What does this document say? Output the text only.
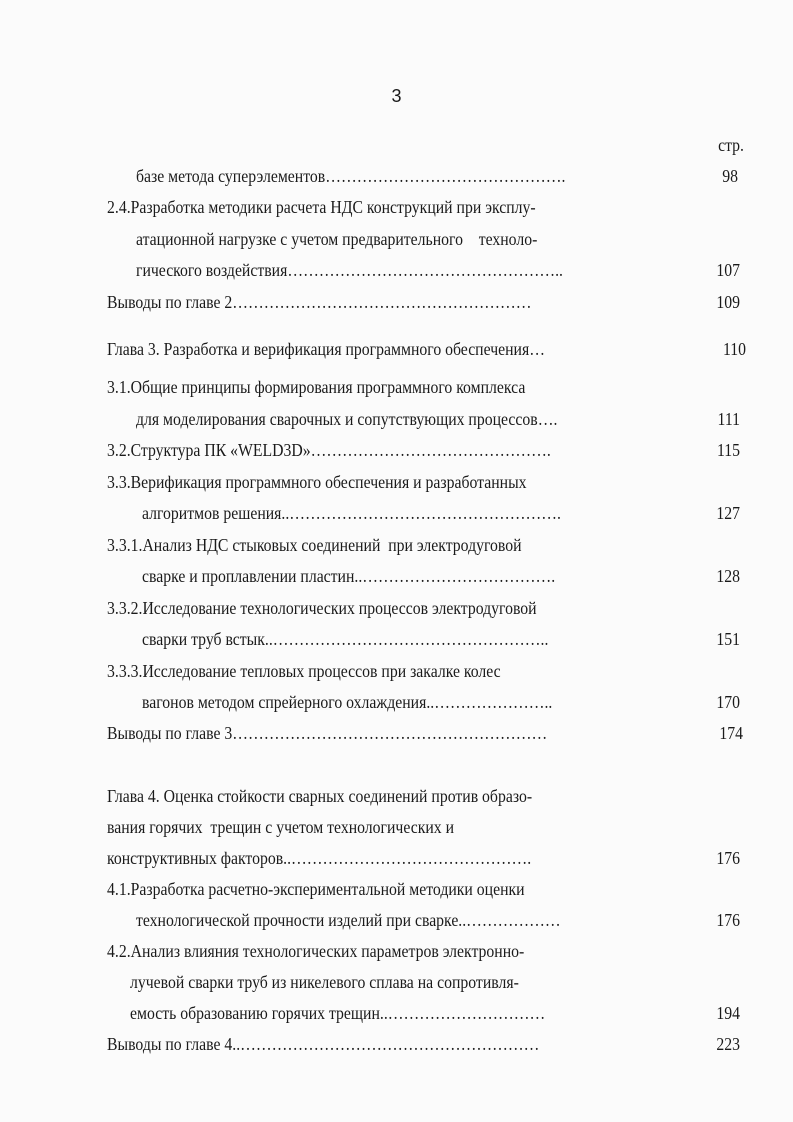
3
стр.
базе метода суперэлементов……………………………………….	98
2.4.Разработка методики расчета НДС конструкций при эксплу-
атационной нагрузке с учетом предварительного    техноло-
гического воздействия……………………………………………..	107
Выводы по главе 2…………………………………………………	109
Глава 3. Разработка и верификация программного обеспечения…	110
3.1.Общие принципы формирования программного комплекса
для моделирования сварочных и сопутствующих процессов….	111
3.2.Структура ПК «WELD3D»……………………………………….	115
3.3.Верификация программного обеспечения и разработанных
алгоритмов решения..…………………………………………….	127
3.3.1.Анализ НДС стыковых соединений  при электродуговой
сварке и проплавлении пластин..……………………………….	128
3.3.2.Исследование технологических процессов электродуговой
сварки труб встык..……………………………………………..	151
3.3.3.Исследование тепловых процессов при закалке колес
вагонов методом спрейерного охлаждения..…………………..	170
Выводы по главе 3……………………………………………………	174
Глава 4. Оценка стойкости сварных соединений против образо-
вания горячих  трещин с учетом технологических и
конструктивных факторов..……………………………………….	176
4.1.Разработка расчетно-экспериментальной методики оценки
технологической прочности изделий при сварке..………………	176
4.2.Анализ влияния технологических параметров электронно-
лучевой сварки труб из никелевого сплава на сопротивля-
емость образованию горячих трещин..…………………………	194
Выводы по главе 4..…………………………………………………	223
